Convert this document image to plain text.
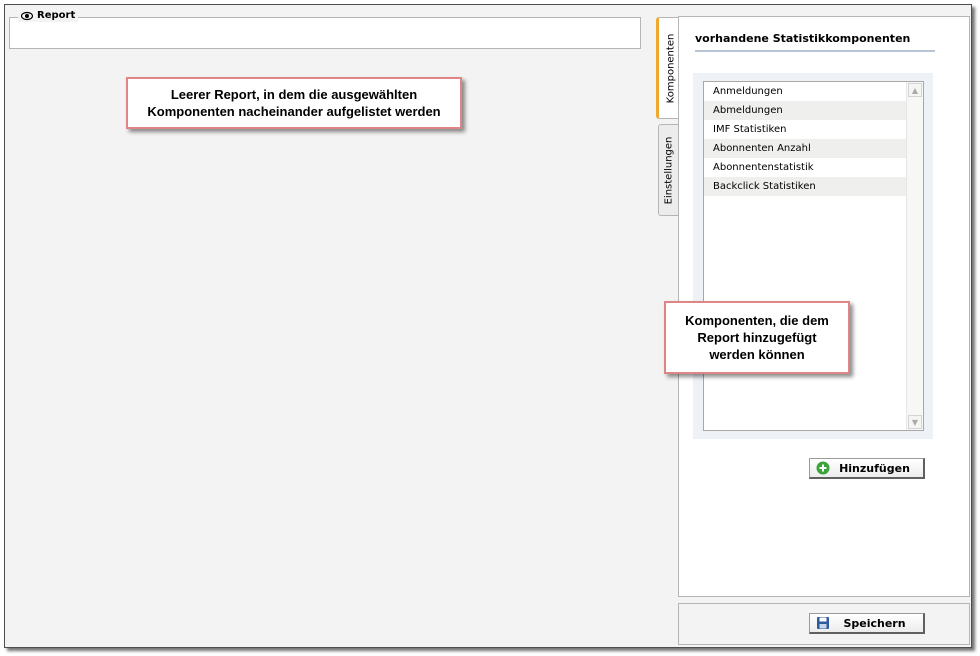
Report
Leerer Report, in dem die ausgewählten
Komponenten nacheinander aufgelistet werden
Komponenten
Einstellungen
vorhandene Statistikkomponenten
Anmeldungen
Abmeldungen
IMF Statistiken
Abonnenten Anzahl
Abonnentenstatistik
Backclick Statistiken
▲
▼
Komponenten, die dem
Report hinzugefügt
werden können
Hinzufügen
Speichern
